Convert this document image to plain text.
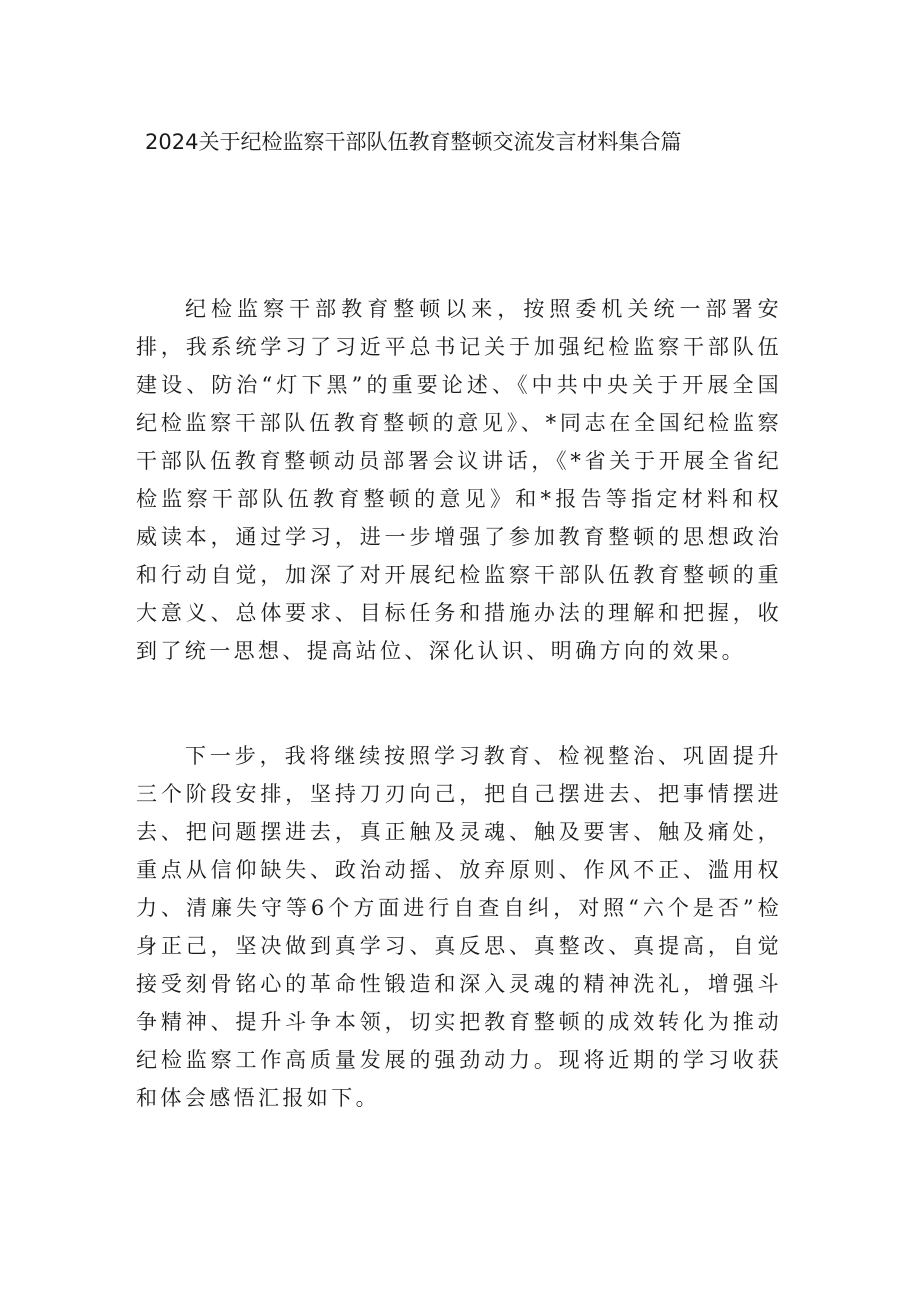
2024关于纪检监察干部队伍教育整顿交流发言材料集合篇

纪检监察干部教育整顿以来，按照委机关统一部署安排，我系统学习了习近平总书记关于加强纪检监察干部队伍建设、防治“灯下黑”的重要论述、《中共中央关于开展全国纪检监察干部队伍教育整顿的意见》、*同志在全国纪检监察干部队伍教育整顿动员部署会议讲话，《*省关于开展全省纪检监察干部队伍教育整顿的意见》和*报告等指定材料和权威读本，通过学习，进一步增强了参加教育整顿的思想政治和行动自觉，加深了对开展纪检监察干部队伍教育整顿的重大意义、总体要求、目标任务和措施办法的理解和把握，收到了统一思想、提高站位、深化认识、明确方向的效果。

下一步，我将继续按照学习教育、检视整治、巩固提升三个阶段安排，坚持刀刃向己，把自己摆进去、把事情摆进去、把问题摆进去，真正触及灵魂、触及要害、触及痛处，重点从信仰缺失、政治动摇、放弃原则、作风不正、滥用权力、清廉失守等6个方面进行自查自纠，对照“六个是否”检身正己，坚决做到真学习、真反思、真整改、真提高，自觉接受刻骨铭心的革命性锻造和深入灵魂的精神洗礼，增强斗争精神、提升斗争本领，切实把教育整顿的成效转化为推动纪检监察工作高质量发展的强劲动力。现将近期的学习收获和体会感悟汇报如下。
